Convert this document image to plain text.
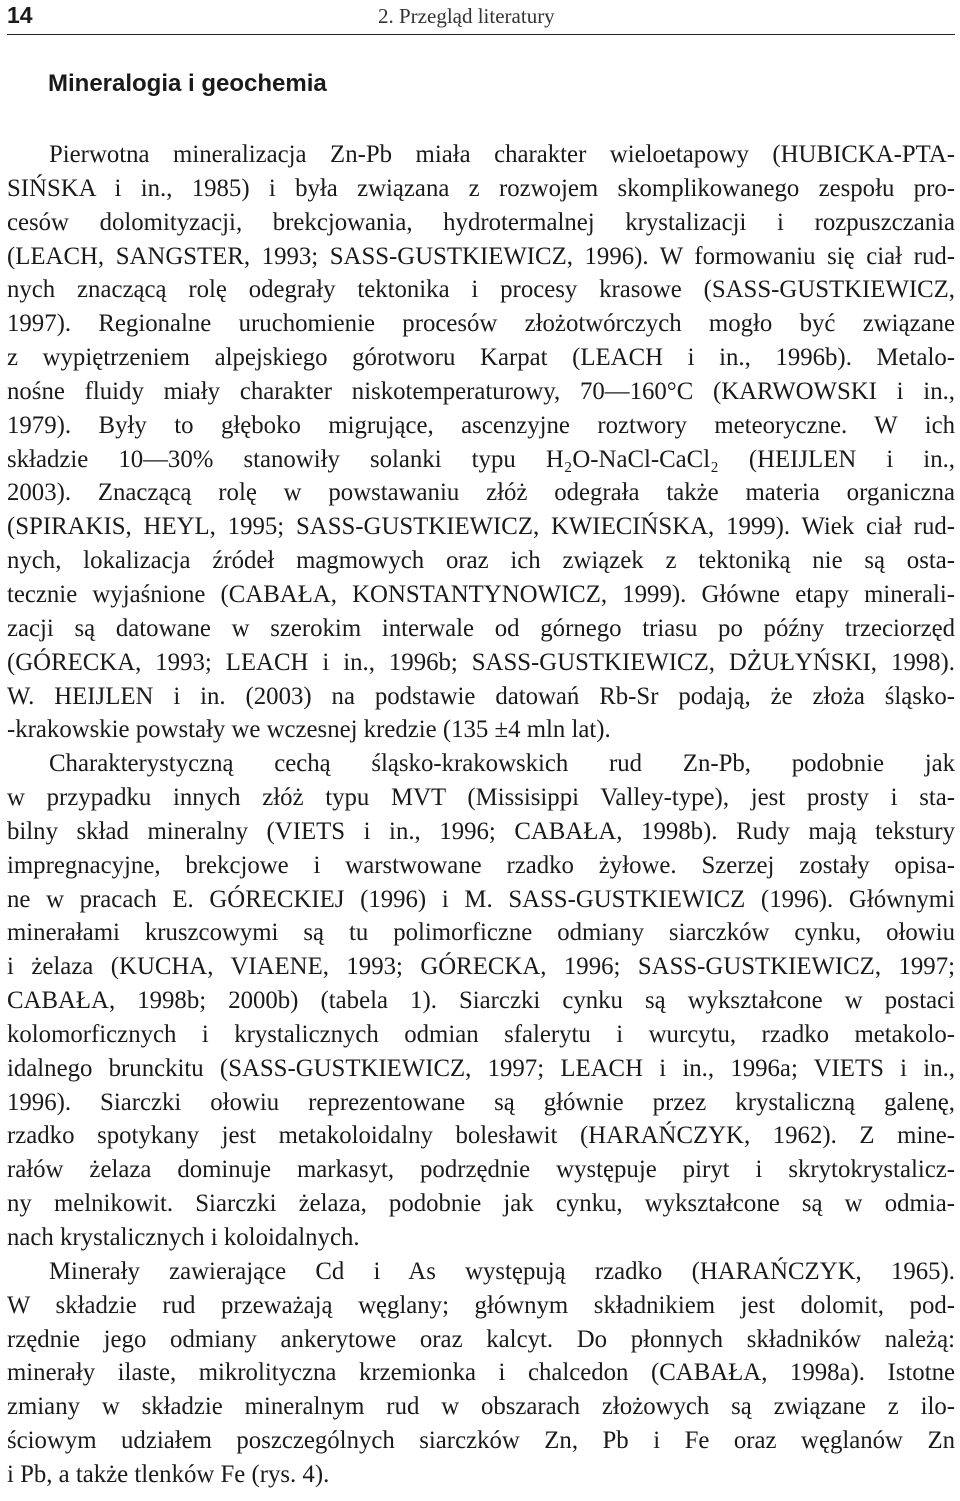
14	2. Przegląd literatury
Mineralogia i geochemia
Pierwotna mineralizacja Zn-Pb miała charakter wieloetapowy (HUBICKA-PTA-
SIŃSKA i in., 1985) i była związana z rozwojem skomplikowanego zespołu pro-
cesów dolomityzacji, brekcjowania, hydrotermalnej krystalizacji i rozpuszczania
(LEACH, SANGSTER, 1993; SASS-GUSTKIEWICZ, 1996). W formowaniu się ciał rud-
nych znaczącą rolę odegrały tektonika i procesy krasowe (SASS-GUSTKIEWICZ,
1997). Regionalne uruchomienie procesów złożotwórczych mogło być związane
z wypiętrzeniem alpejskiego górotworu Karpat (LEACH i in., 1996b). Metalo-
nośne fluidy miały charakter niskotemperaturowy, 70—160°C (KARWOWSKI i in.,
1979). Były to głęboko migrujące, ascenzyjne roztwory meteoryczne. W ich
składzie 10—30% stanowiły solanki typu H₂O-NaCl-CaCl₂ (HEIJLEN i in.,
2003). Znaczącą rolę w powstawaniu złóż odegrała także materia organiczna
(SPIRAKIS, HEYL, 1995; SASS-GUSTKIEWICZ, KWIECIŃSKA, 1999). Wiek ciał rud-
nych, lokalizacja źródeł magmowych oraz ich związek z tektoniką nie są osta-
tecznie wyjaśnione (CABAŁA, KONSTANTYNOWICZ, 1999). Główne etapy minerali-
zacji są datowane w szerokim interwale od górnego triasu po późny trzeciorzęd
(GÓRECKA, 1993; LEACH i in., 1996b; SASS-GUSTKIEWICZ, DŻUŁYŃSKI, 1998).
W. HEIJLEN i in. (2003) na podstawie datowań Rb-Sr podają, że złoża śląsko-
-krakowskie powstały we wczesnej kredzie (135 ±4 mln lat).
Charakterystyczną cechą śląsko-krakowskich rud Zn-Pb, podobnie jak
w przypadku innych złóż typu MVT (Missisippi Valley-type), jest prosty i sta-
bilny skład mineralny (VIETS i in., 1996; CABAŁA, 1998b). Rudy mają tekstury
impregnacyjne, brekcjowe i warstwowane rzadko żyłowe. Szerzej zostały opisa-
ne w pracach E. GÓRECKIEJ (1996) i M. SASS-GUSTKIEWICZ (1996). Głównymi
minerałami kruszcowymi są tu polimorficzne odmiany siarczków cynku, ołowiu
i żelaza (KUCHA, VIAENE, 1993; GÓRECKA, 1996; SASS-GUSTKIEWICZ, 1997;
CABAŁA, 1998b; 2000b) (tabela 1). Siarczki cynku są wykształcone w postaci
kolomorficznych i krystalicznych odmian sfalerytu i wurcytu, rzadko metakolo-
idalnego brunckitu (SASS-GUSTKIEWICZ, 1997; LEACH i in., 1996a; VIETS i in.,
1996). Siarczki ołowiu reprezentowane są głównie przez krystaliczną galenę,
rzadko spotykany jest metakoloidalny bolesławit (HARAŃCZYK, 1962). Z mine-
rałów żelaza dominuje markasyt, podrzędnie występuje piryt i skrytokrystalicz-
ny melnikowit. Siarczki żelaza, podobnie jak cynku, wykształcone są w odmia-
nach krystalicznych i koloidalnych.
Minerały zawierające Cd i As występują rzadko (HARAŃCZYK, 1965).
W składzie rud przeważają węglany; głównym składnikiem jest dolomit, pod-
rzędnie jego odmiany ankerytowe oraz kalcyt. Do płonnych składników należą:
minerały ilaste, mikrolityczna krzemionka i chalcedon (CABAŁA, 1998a). Istotne
zmiany w składzie mineralnym rud w obszarach złożowych są związane z ilo-
ściowym udziałem poszczególnych siarczków Zn, Pb i Fe oraz węglanów Zn
i Pb, a także tlenków Fe (rys. 4).
